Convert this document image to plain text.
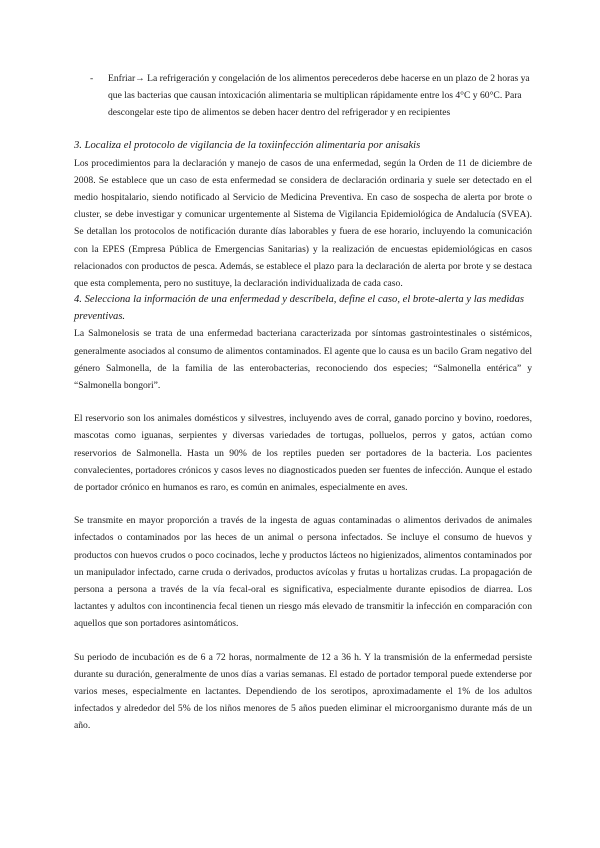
- Enfriar→ La refrigeración y congelación de los alimentos perecederos debe hacerse en un plazo de 2 horas ya que las bacterias que causan intoxicación alimentaria se multiplican rápidamente entre los 4°C y 60°C. Para descongelar este tipo de alimentos se deben hacer dentro del refrigerador y en recipientes

3. Localiza el protocolo de vigilancia de la toxiinfección alimentaria por anisakis

Los procedimientos para la declaración y manejo de casos de una enfermedad, según la Orden de 11 de diciembre de 2008. Se establece que un caso de esta enfermedad se considera de declaración ordinaria y suele ser detectado en el medio hospitalario, siendo notificado al Servicio de Medicina Preventiva. En caso de sospecha de alerta por brote o cluster, se debe investigar y comunicar urgentemente al Sistema de Vigilancia Epidemiológica de Andalucía (SVEA). Se detallan los protocolos de notificación durante días laborables y fuera de ese horario, incluyendo la comunicación con la EPES (Empresa Pública de Emergencias Sanitarias) y la realización de encuestas epidemiológicas en casos relacionados con productos de pesca. Además, se establece el plazo para la declaración de alerta por brote y se destaca que esta complementa, pero no sustituye, la declaración individualizada de cada caso.

4. Selecciona la información de una enfermedad y descríbela, define el caso, el brote-alerta y las medidas preventivas.

La Salmonelosis se trata de una enfermedad bacteriana caracterizada por síntomas gastrointestinales o sistémicos, generalmente asociados al consumo de alimentos contaminados. El agente que lo causa es un bacilo Gram negativo del género Salmonella, de la familia de las enterobacterias, reconociendo dos especies; “Salmonella entérica” y “Salmonella bongori”.

El reservorio son los animales domésticos y silvestres, incluyendo aves de corral, ganado porcino y bovino, roedores, mascotas como iguanas, serpientes y diversas variedades de tortugas, polluelos, perros y gatos, actúan como reservorios de Salmonella. Hasta un 90% de los reptiles pueden ser portadores de la bacteria. Los pacientes convalecientes, portadores crónicos y casos leves no diagnosticados pueden ser fuentes de infección. Aunque el estado de portador crónico en humanos es raro, es común en animales, especialmente en aves.

Se transmite en mayor proporción a través de la ingesta de aguas contaminadas o alimentos derivados de animales infectados o contaminados por las heces de un animal o persona infectados. Se incluye el consumo de huevos y productos con huevos crudos o poco cocinados, leche y productos lácteos no higienizados, alimentos contaminados por un manipulador infectado, carne cruda o derivados, productos avícolas y frutas u hortalizas crudas. La propagación de persona a persona a través de la vía fecal-oral es significativa, especialmente durante episodios de diarrea. Los lactantes y adultos con incontinencia fecal tienen un riesgo más elevado de transmitir la infección en comparación con aquellos que son portadores asintomáticos.

Su periodo de incubación es de 6 a 72 horas, normalmente de 12 a 36 h. Y la transmisión de la enfermedad persiste durante su duración, generalmente de unos días a varias semanas. El estado de portador temporal puede extenderse por varios meses, especialmente en lactantes. Dependiendo de los serotipos, aproximadamente el 1% de los adultos infectados y alrededor del 5% de los niños menores de 5 años pueden eliminar el microorganismo durante más de un año.
